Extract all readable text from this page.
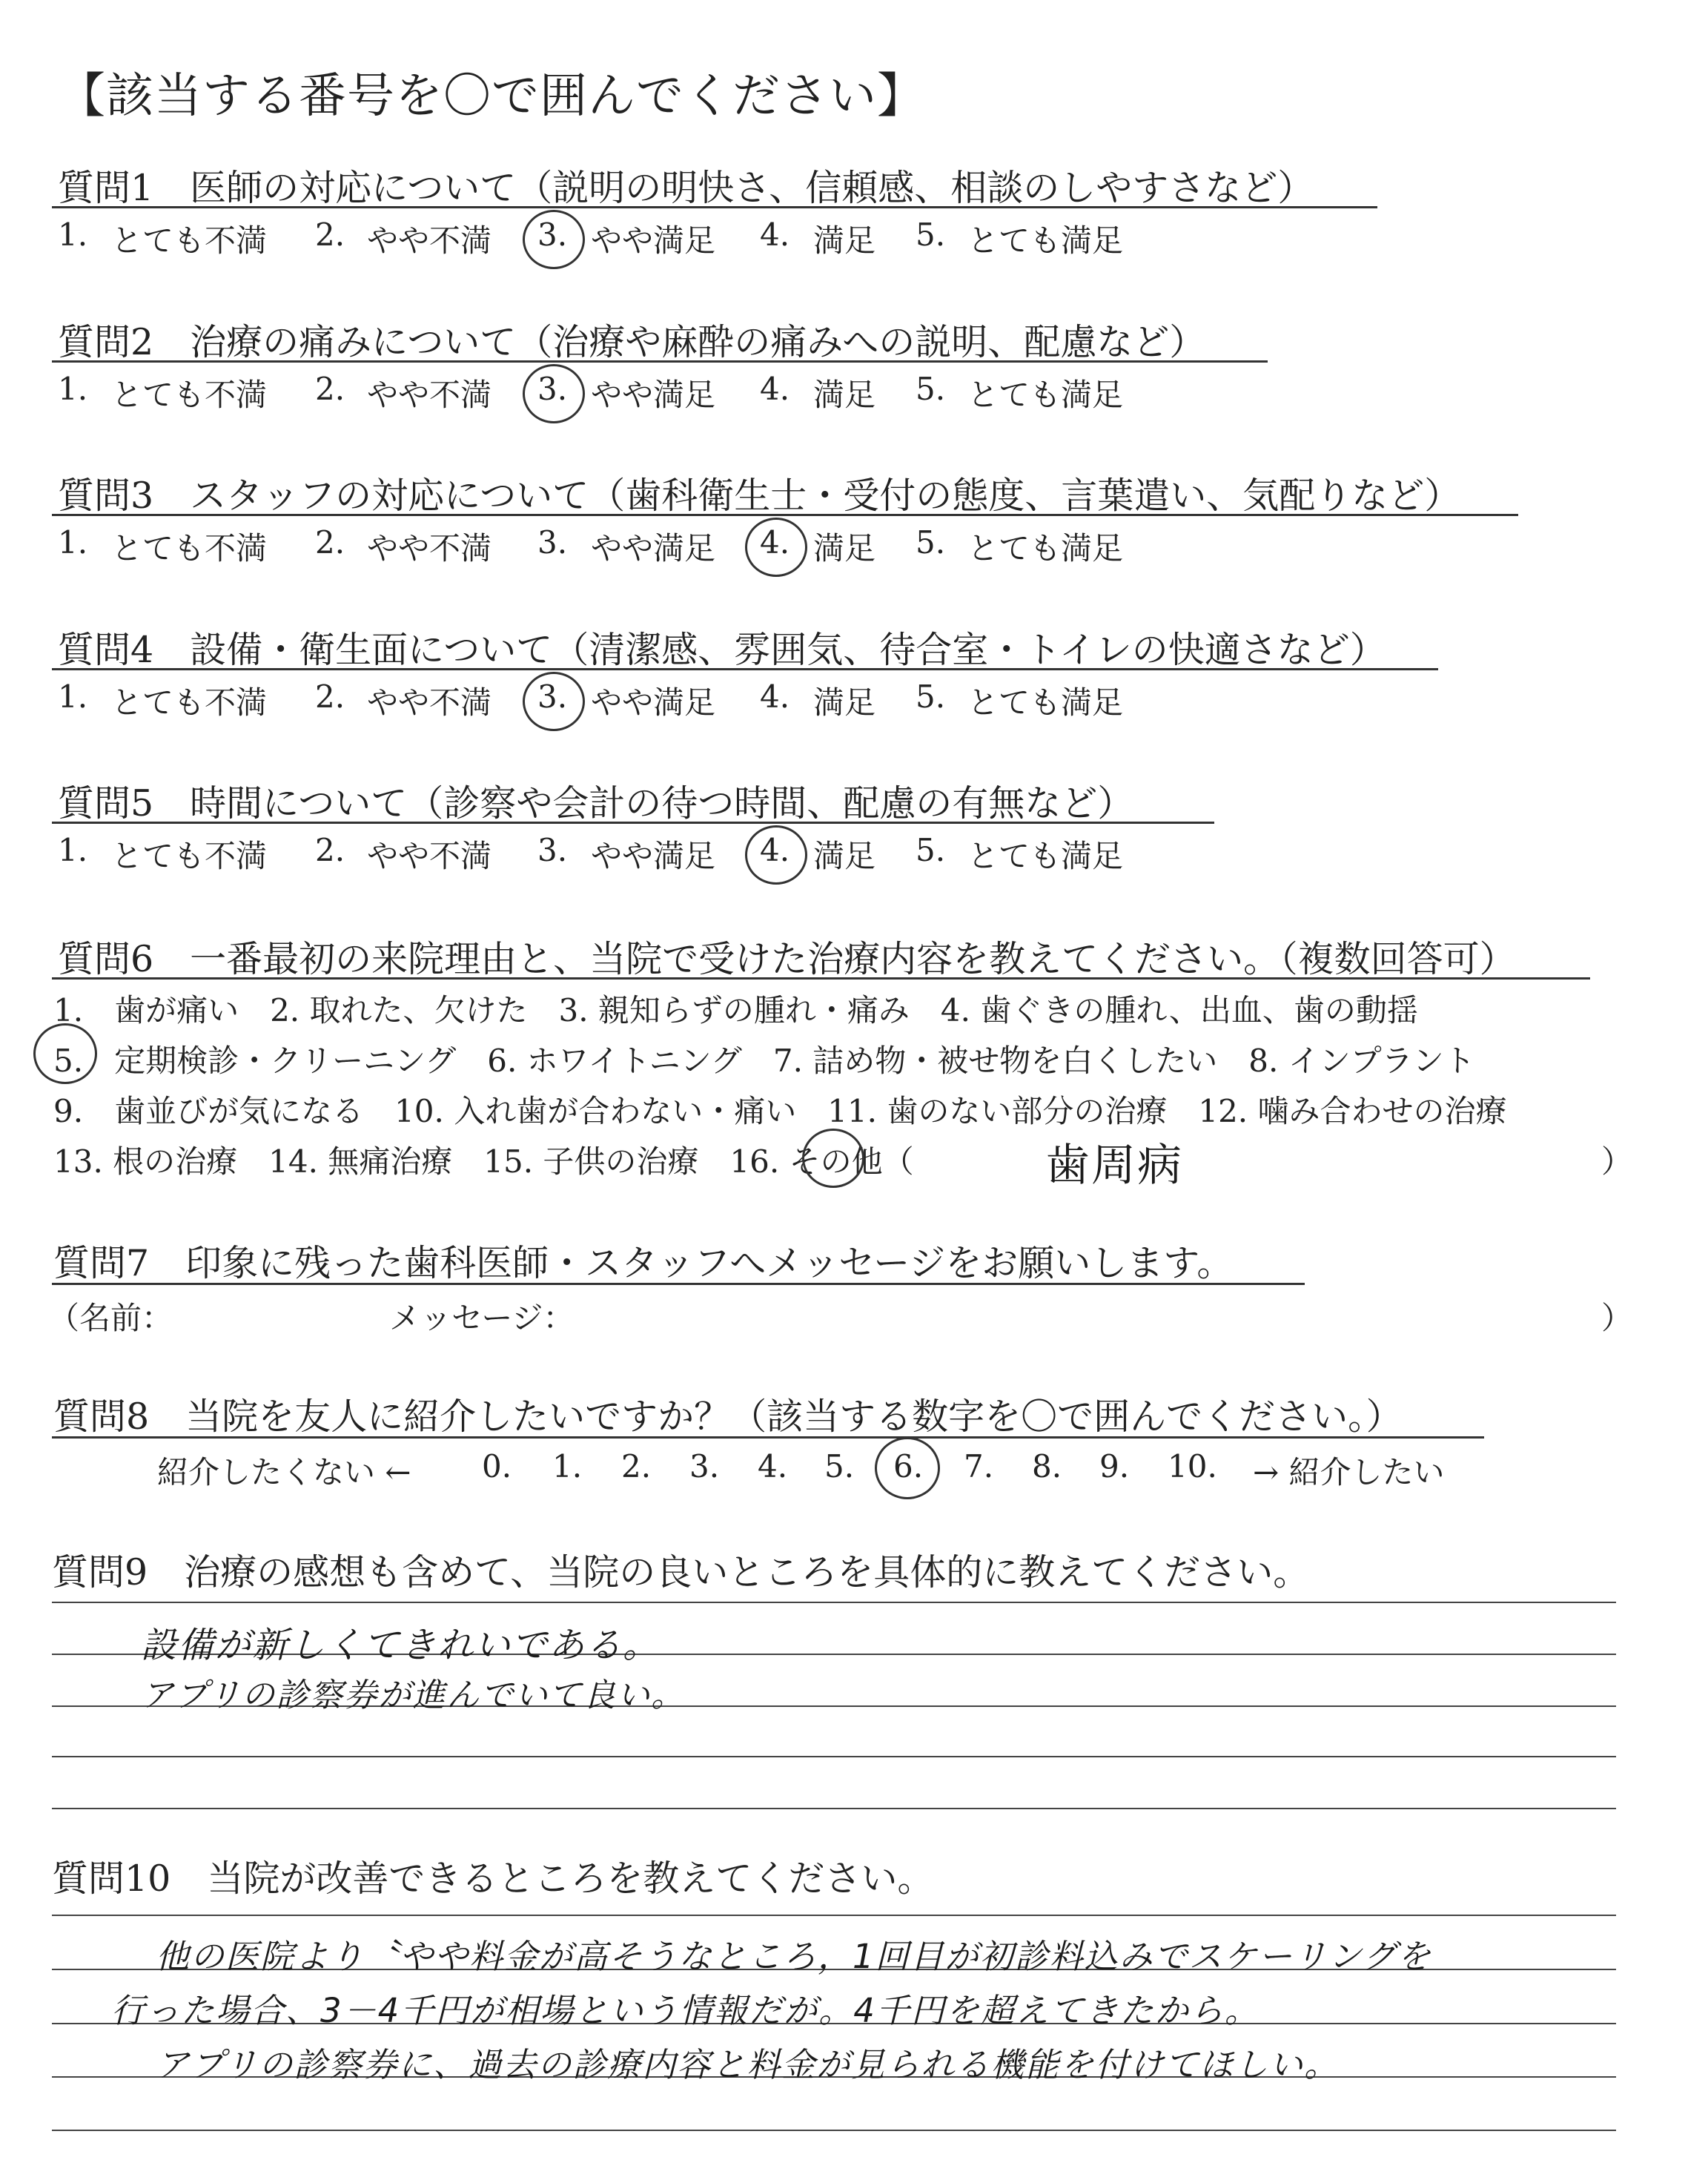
【該当する番号を〇で囲んでください】
質問1　医師の対応について（説明の明快さ、信頼感、相談のしやすさなど）
1. とても不満 2. やや不満 3. やや満足 4. 満足 5. とても満足
質問2　治療の痛みについて（治療や麻酔の痛みへの説明、配慮など）
1. とても不満 2. やや不満 3. やや満足 4. 満足 5. とても満足
質問3　スタッフの対応について（歯科衛生士・受付の態度、言葉遣い、気配りなど）
1. とても不満 2. やや不満 3. やや満足 4. 満足 5. とても満足
質問4　設備・衛生面について（清潔感、雰囲気、待合室・トイレの快適さなど）
1. とても不満 2. やや不満 3. やや満足 4. 満足 5. とても満足
質問5　時間について（診察や会計の待つ時間、配慮の有無など）
1. とても不満 2. やや不満 3. やや満足 4. 満足 5. とても満足
質問6　一番最初の来院理由と、当院で受けた治療内容を教えてください。（複数回答可）
1.　歯が痛い　2. 取れた、欠けた　3. 親知らずの腫れ・痛み　4. 歯ぐきの腫れ、出血、歯の動揺
5.　定期検診・クリーニング　6. ホワイトニング　7. 詰め物・被せ物を白くしたい　8. インプラント
9.　歯並びが気になる　10. 入れ歯が合わない・痛い　11. 歯のない部分の治療　12. 噛み合わせの治療
13. 根の治療　14. 無痛治療　15. 子供の治療　16. その他（	）
歯周病
質問7　印象に残った歯科医師・スタッフへメッセージをお願いします。
（名前：	メッセージ：	）
質問8　当院を友人に紹介したいですか？（該当する数字を〇で囲んでください。）
紹介したくない ← 0. 1. 2. 3. 4. 5. 6. 7. 8. 9. 10. → 紹介したい
質問9　治療の感想も含めて、当院の良いところを具体的に教えてください。
設備が新しくてきれいである。
アプリの診察券が進んでいて良い。
質問10　当院が改善できるところを教えてください。
他の医院より〝やや料金が高そうなところ，1回目が初診料込みでスケーリングを
行った場合、3－4千円が相場という情報だが。4千円を超えてきたから。
アプリの診察券に、過去の診療内容と料金が見られる機能を付けてほしい。
